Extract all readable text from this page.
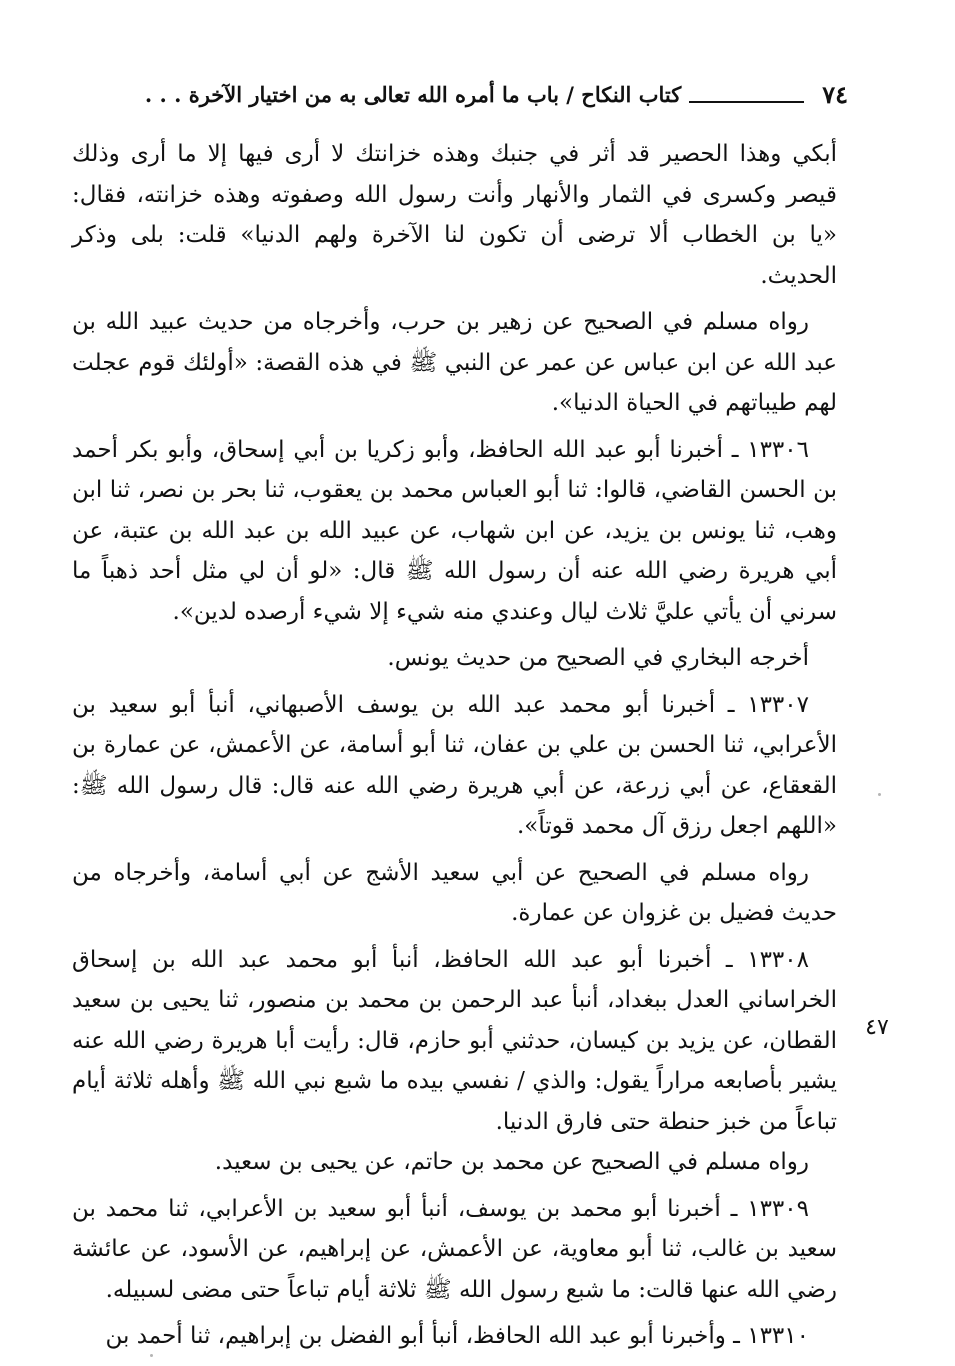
٧٤
كتاب النكاح / باب ما أمره الله تعالى به من اختيار الآخرة . . .
٤٧

أبكي وهذا الحصير قد أثر في جنبك وهذه خزانتك لا أرى فيها إلا ما أرى وذلك قيصر وكسرى في الثمار والأنهار وأنت رسول الله وصفوته وهذه خزانته، فقال: «يا بن الخطاب ألا ترضى أن تكون لنا الآخرة ولهم الدنيا» قلت: بلى وذكر الحديث.

رواه مسلم في الصحيح عن زهير بن حرب، وأخرجاه من حديث عبيد الله بن عبد الله عن ابن عباس عن عمر عن النبي ﷺ في هذه القصة: «أولئك قوم عجلت لهم طيباتهم في الحياة الدنيا».

١٣٣٠٦ ـ أخبرنا أبو عبد الله الحافظ، وأبو زكريا بن أبي إسحاق، وأبو بكر أحمد بن الحسن القاضي، قالوا: ثنا أبو العباس محمد بن يعقوب، ثنا بحر بن نصر، ثنا ابن وهب، ثنا يونس بن يزيد، عن ابن شهاب، عن عبيد الله بن عبد الله بن عتبة، عن أبي هريرة رضي الله عنه أن رسول الله ﷺ قال: «لو أن لي مثل أحد ذهباً ما سرني أن يأتي عليَّ ثلاث ليال وعندي منه شيء إلا شيء أرصده لدين».

أخرجه البخاري في الصحيح من حديث يونس.

١٣٣٠٧ ـ أخبرنا أبو محمد عبد الله بن يوسف الأصبهاني، أنبأ أبو سعيد بن الأعرابي، ثنا الحسن بن علي بن عفان، ثنا أبو أسامة، عن الأعمش، عن عمارة بن القعقاع، عن أبي زرعة، عن أبي هريرة رضي الله عنه قال: قال رسول الله ﷺ: «اللهم اجعل رزق آل محمد قوتاً».

رواه مسلم في الصحيح عن أبي سعيد الأشج عن أبي أسامة، وأخرجاه من حديث فضيل بن غزوان عن عمارة.

١٣٣٠٨ ـ أخبرنا أبو عبد الله الحافظ، أنبأ أبو محمد عبد الله بن إسحاق الخراساني العدل ببغداد، أنبأ عبد الرحمن بن محمد بن منصور، ثنا يحيى بن سعيد القطان، عن يزيد بن كيسان، حدثني أبو حازم، قال: رأيت أبا هريرة رضي الله عنه يشير بأصابعه مراراً يقول: والذي / نفسي بيده ما شبع نبي الله ﷺ وأهله ثلاثة أيام تباعاً من خبز حنطة حتى فارق الدنيا.

رواه مسلم في الصحيح عن محمد بن حاتم، عن يحيى بن سعيد.

١٣٣٠٩ ـ أخبرنا أبو محمد بن يوسف، أنبأ أبو سعيد بن الأعرابي، ثنا محمد بن سعيد بن غالب، ثنا أبو معاوية، عن الأعمش، عن إبراهيم، عن الأسود، عن عائشة رضي الله عنها قالت: ما شبع رسول الله ﷺ ثلاثة أيام تباعاً حتى مضى لسبيله.

١٣٣١٠ ـ وأخبرنا أبو عبد الله الحافظ، أنبأ أبو الفضل بن إبراهيم، ثنا أحمد بن
